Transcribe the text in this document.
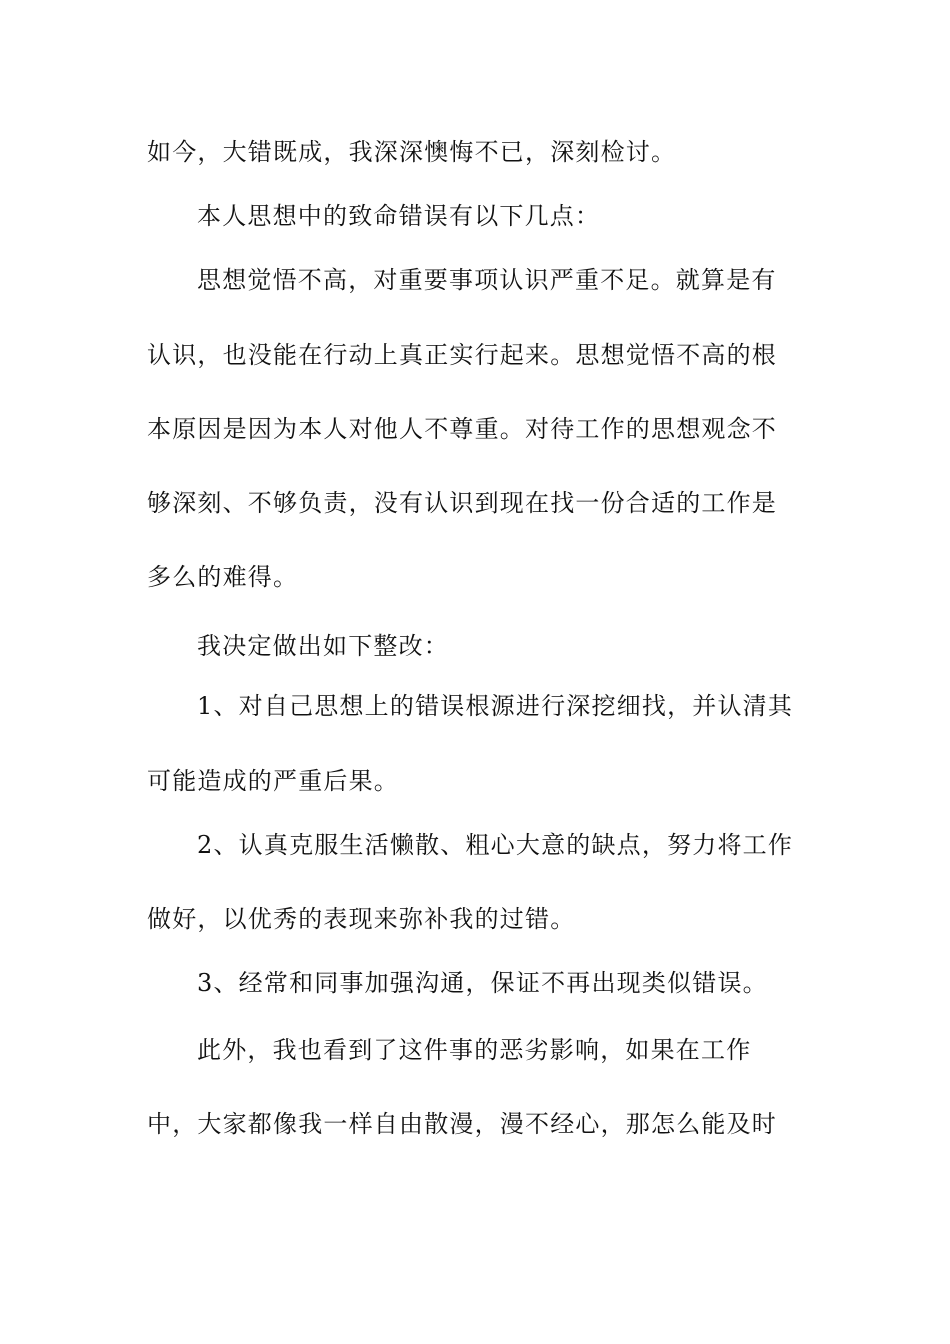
如今，大错既成，我深深懊悔不已，深刻检讨。
本人思想中的致命错误有以下几点：
思想觉悟不高，对重要事项认识严重不足。就算是有
认识，也没能在行动上真正实行起来。思想觉悟不高的根
本原因是因为本人对他人不尊重。对待工作的思想观念不
够深刻、不够负责，没有认识到现在找一份合适的工作是
多么的难得。
我决定做出如下整改：
1、对自己思想上的错误根源进行深挖细找，并认清其
可能造成的严重后果。
2、认真克服生活懒散、粗心大意的缺点，努力将工作
做好，以优秀的表现来弥补我的过错。
3、经常和同事加强沟通，保证不再出现类似错误。
此外，我也看到了这件事的恶劣影响，如果在工作
中，大家都像我一样自由散漫，漫不经心，那怎么能及时
